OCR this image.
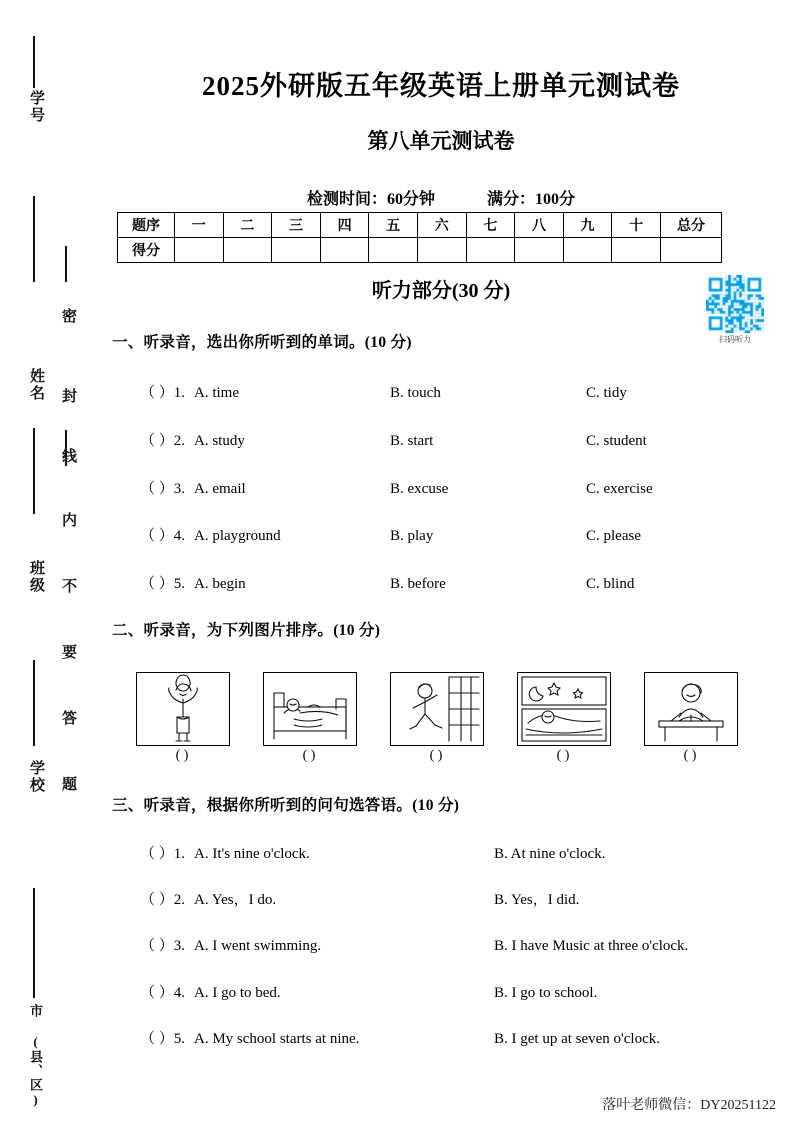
学号
姓名
班级
学校
市 (县、区)
密
封
线
内
不
要
答
题
2025外研版五年级英语上册单元测试卷
第八单元测试卷
检测时间：60分钟	满分：100分
题序	一	二	三	四	五	六	七	八	九	十	总分
得分											
听力部分(30 分)
扫码听力
一、听录音，选出你所听到的单词。(10 分)
（ ）1. A. time	B. touch	C. tidy
（ ）2. A. study	B. start	C. student
（ ）3. A. email	B. excuse	C. exercise
（ ）4. A. playground	B. play	C. please
（ ）5. A. begin	B. before	C. blind
二、听录音，为下列图片排序。(10 分)
( )	( )	( )	( )	( )
三、听录音，根据你所听到的问句选答语。(10 分)
（ ）1. A. It's nine o'clock.	B. At nine o'clock.
（ ）2. A. Yes，I do.	B. Yes，I did.
（ ）3. A. I went swimming.	B. I have Music at three o'clock.
（ ）4. A. I go to bed.	B. I go to school.
（ ）5. A. My school starts at nine.	B. I get up at seven o'clock.
落叶老师微信：DY20251122
